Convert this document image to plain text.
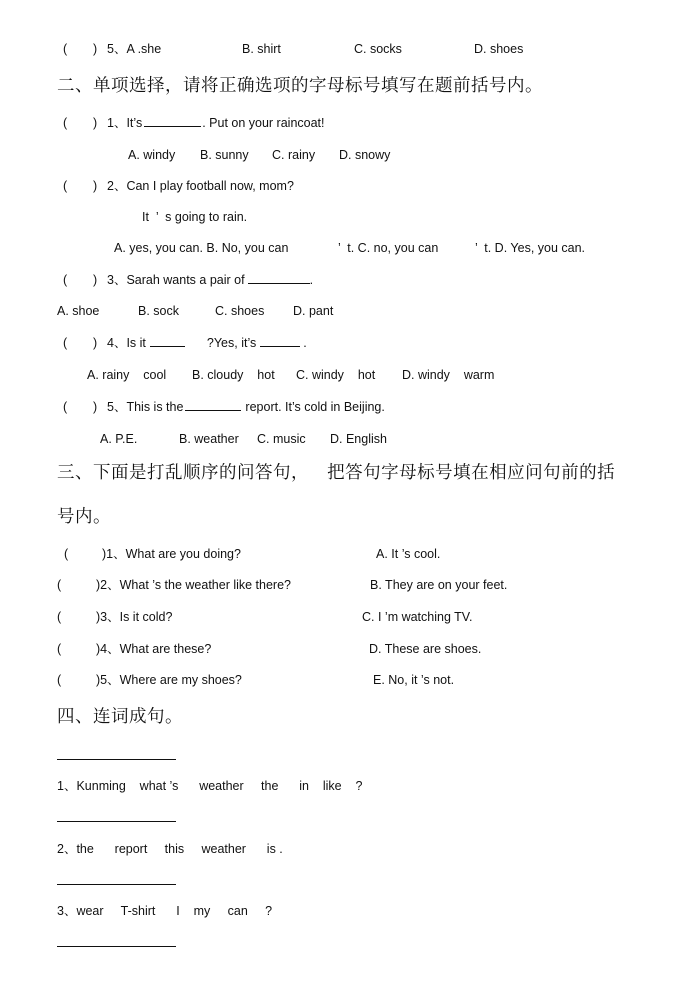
( ) 5、A .she	B. shirt	C. socks	D. shoes
二、单项选择，请将正确选项的字母标号填写在题前括号内。
( ) 1、It’s	. Put on your raincoat!
A. windy B. sunny C. rainy D. snowy
( ) 2、Can I play football now, mom?
It  ’  s going to rain.
A. yes, you can. B. No, you can	’  t. C. no, you can	’  t. D. Yes, you can.
( ) 3、Sarah wants a pair of	.
A. shoe	B. sock	C. shoes D. pant
( ) 4、Is it	?Yes, it’s	.
A. rainy    cool B. cloudy    hot C. windy    hot D. windy    warm
( ) 5、This is the	report. It’s cold in Beijing.
A. P.E.	B. weather C. music D. English
三、下面是打乱顺序的问答句，   把答句字母标号填在相应问句前的括
号内。
(	)1、What are you doing?	A. It ’s cool.
(	)2、What ’s the weather like there?	B. They are on your feet.
(	)3、Is it cold?	C. I ’m watching TV.
(	)4、What are these?	D. These are shoes.
(	)5、Where are my shoes?	E. No, it ’s not.
四、连词成句。
1、Kunming    what ’s      weather     the      in    like    ?
2、the      report     this     weather      is .
3、wear     T-shirt      I    my     can     ?
